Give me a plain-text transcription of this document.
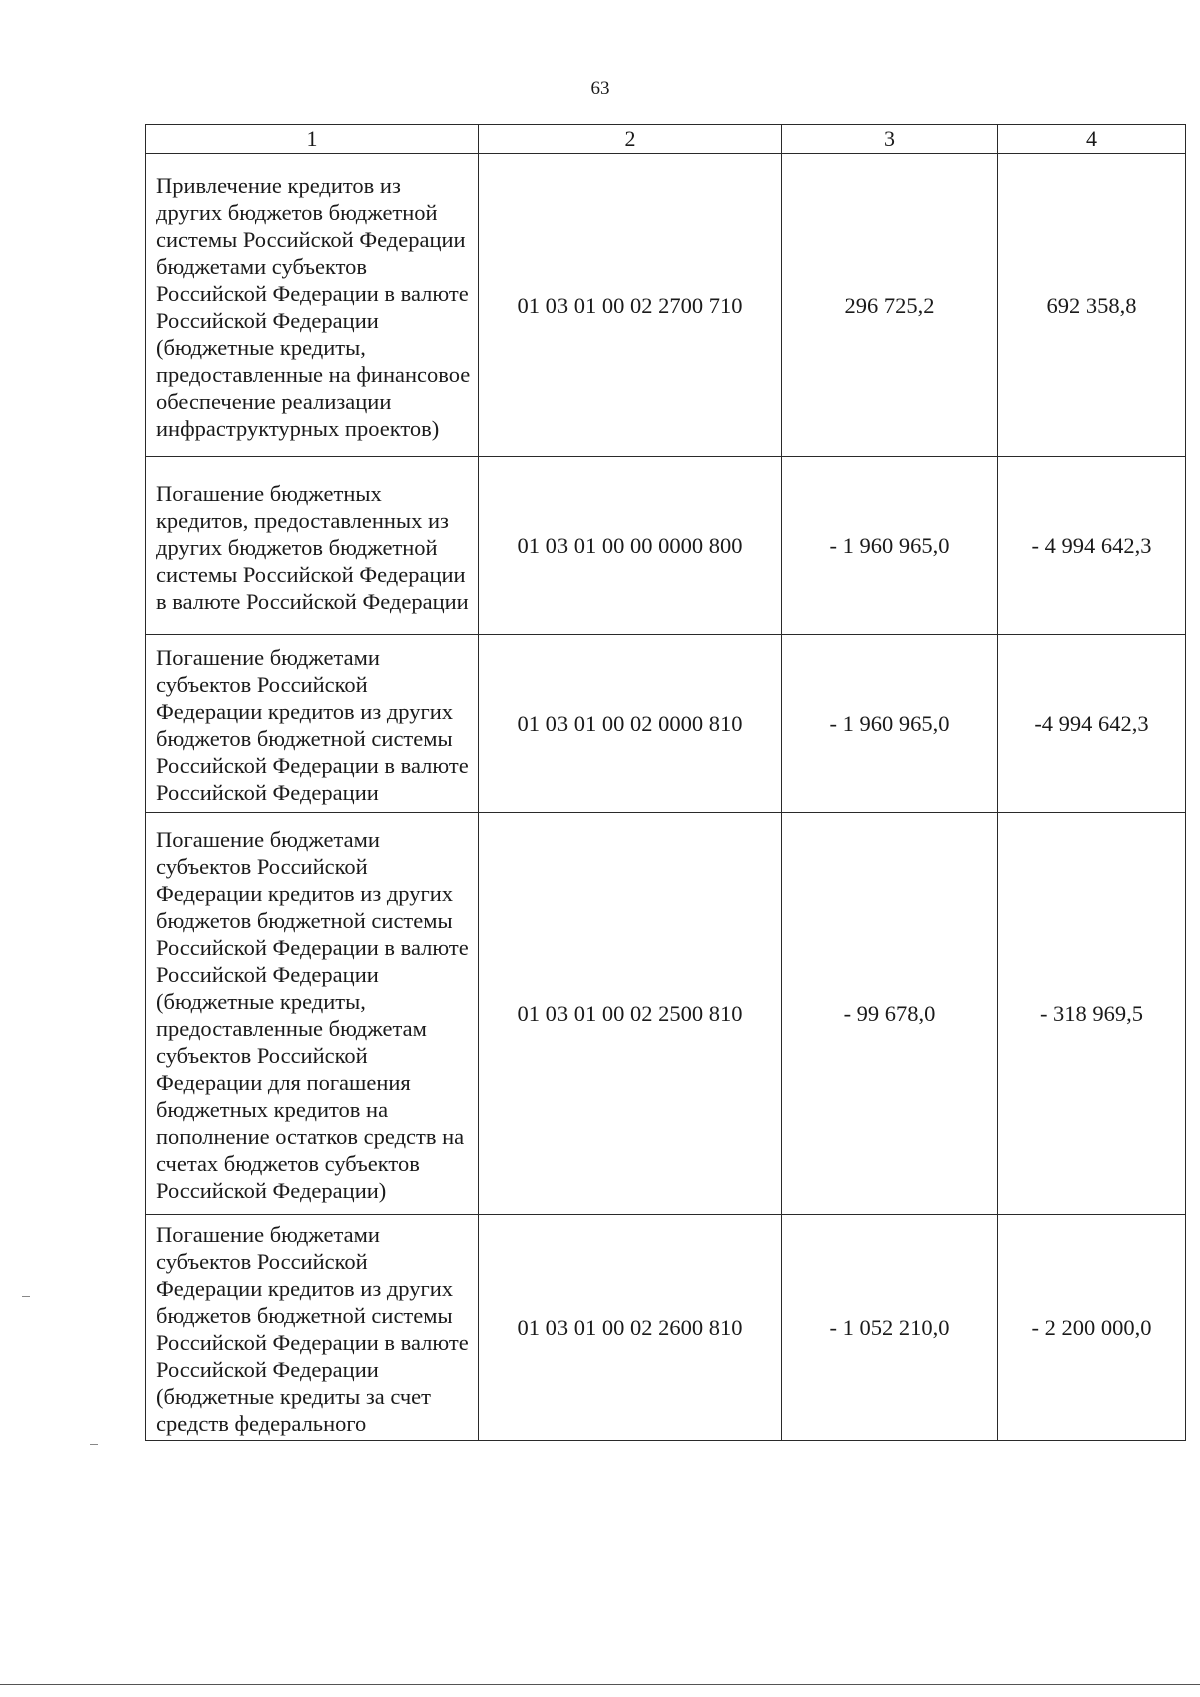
63
1	2	3	4
Привлечение кредитов из других бюджетов бюджетной системы Российской Федерации бюджетами субъектов Российской Федерации в валюте Российской Федерации (бюджетные кредиты, предоставленные на финансовое обеспечение реализации инфраструктурных проектов)	01 03 01 00 02 2700 710	296 725,2	692 358,8
Погашение бюджетных кредитов, предоставленных из других бюджетов бюджетной системы Российской Федерации в валюте Российской Федерации	01 03 01 00 00 0000 800	- 1 960 965,0	- 4 994 642,3
Погашение бюджетами субъектов Российской Федерации кредитов из других бюджетов бюджетной системы Российской Федерации в валюте Российской Федерации	01 03 01 00 02 0000 810	- 1 960 965,0	-4 994 642,3
Погашение бюджетами субъектов Российской Федерации кредитов из других бюджетов бюджетной системы Российской Федерации в валюте Российской Федерации (бюджетные кредиты, предоставленные бюджетам субъектов Российской Федерации для погашения бюджетных кредитов на пополнение остатков средств на счетах бюджетов субъектов Российской Федерации)	01 03 01 00 02 2500 810	- 99 678,0	- 318 969,5
Погашение бюджетами субъектов Российской Федерации кредитов из других бюджетов бюджетной системы Российской Федерации в валюте Российской Федерации (бюджетные кредиты за счет средств федерального	01 03 01 00 02 2600 810	- 1 052 210,0	- 2 200 000,0
